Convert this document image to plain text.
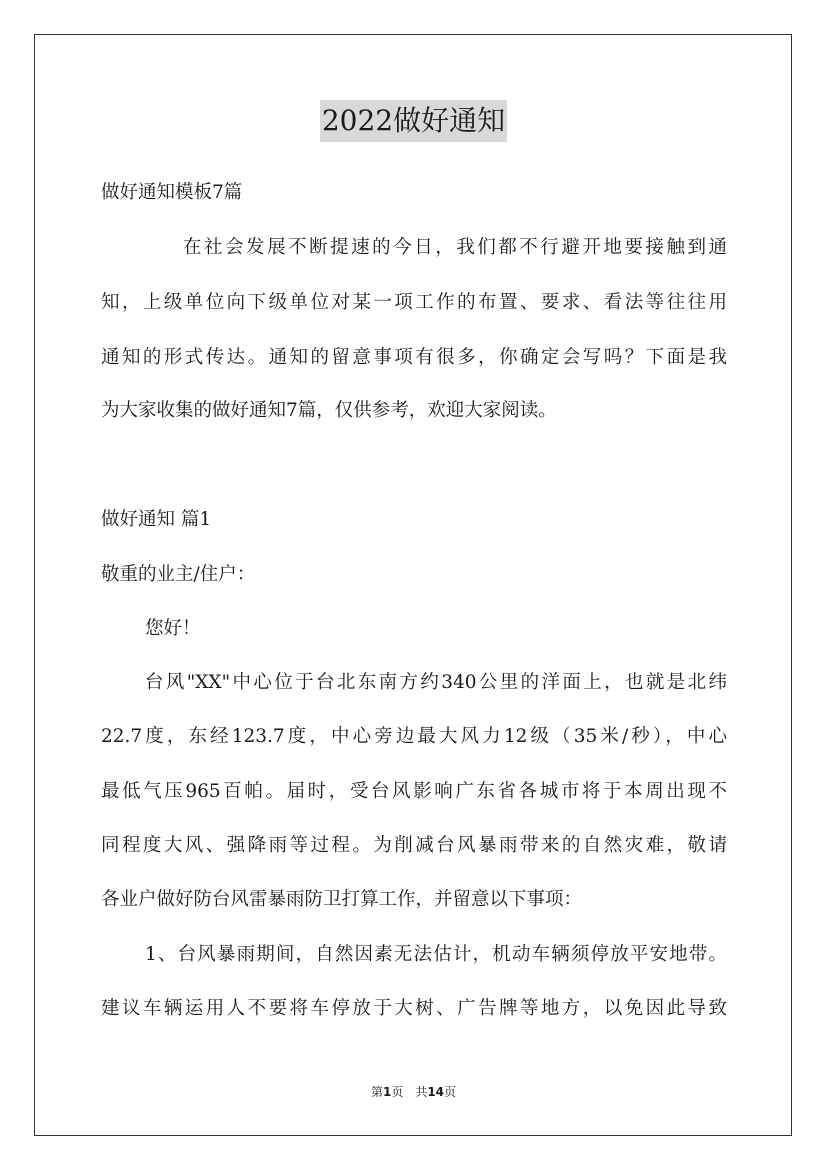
2022做好通知
做好通知模板7篇
在社会发展不断提速的今日，我们都不行避开地要接触到通
知，上级单位向下级单位对某一项工作的布置、要求、看法等往往用
通知的形式传达。通知的留意事项有很多，你确定会写吗？下面是我
为大家收集的做好通知7篇，仅供参考，欢迎大家阅读。
做好通知 篇1
敬重的业主/住户：
您好！
台风"XX"中心位于台北东南方约340公里的洋面上，也就是北纬
22.7度，东经123.7度，中心旁边最大风力12级（35米/秒），中心
最低气压965百帕。届时，受台风影响广东省各城市将于本周出现不
同程度大风、强降雨等过程。为削减台风暴雨带来的自然灾难，敬请
各业户做好防台风雷暴雨防卫打算工作，并留意以下事项：
1、台风暴雨期间，自然因素无法估计，机动车辆须停放平安地带。
建议车辆运用人不要将车停放于大树、广告牌等地方，以免因此导致
第1页　共14页
